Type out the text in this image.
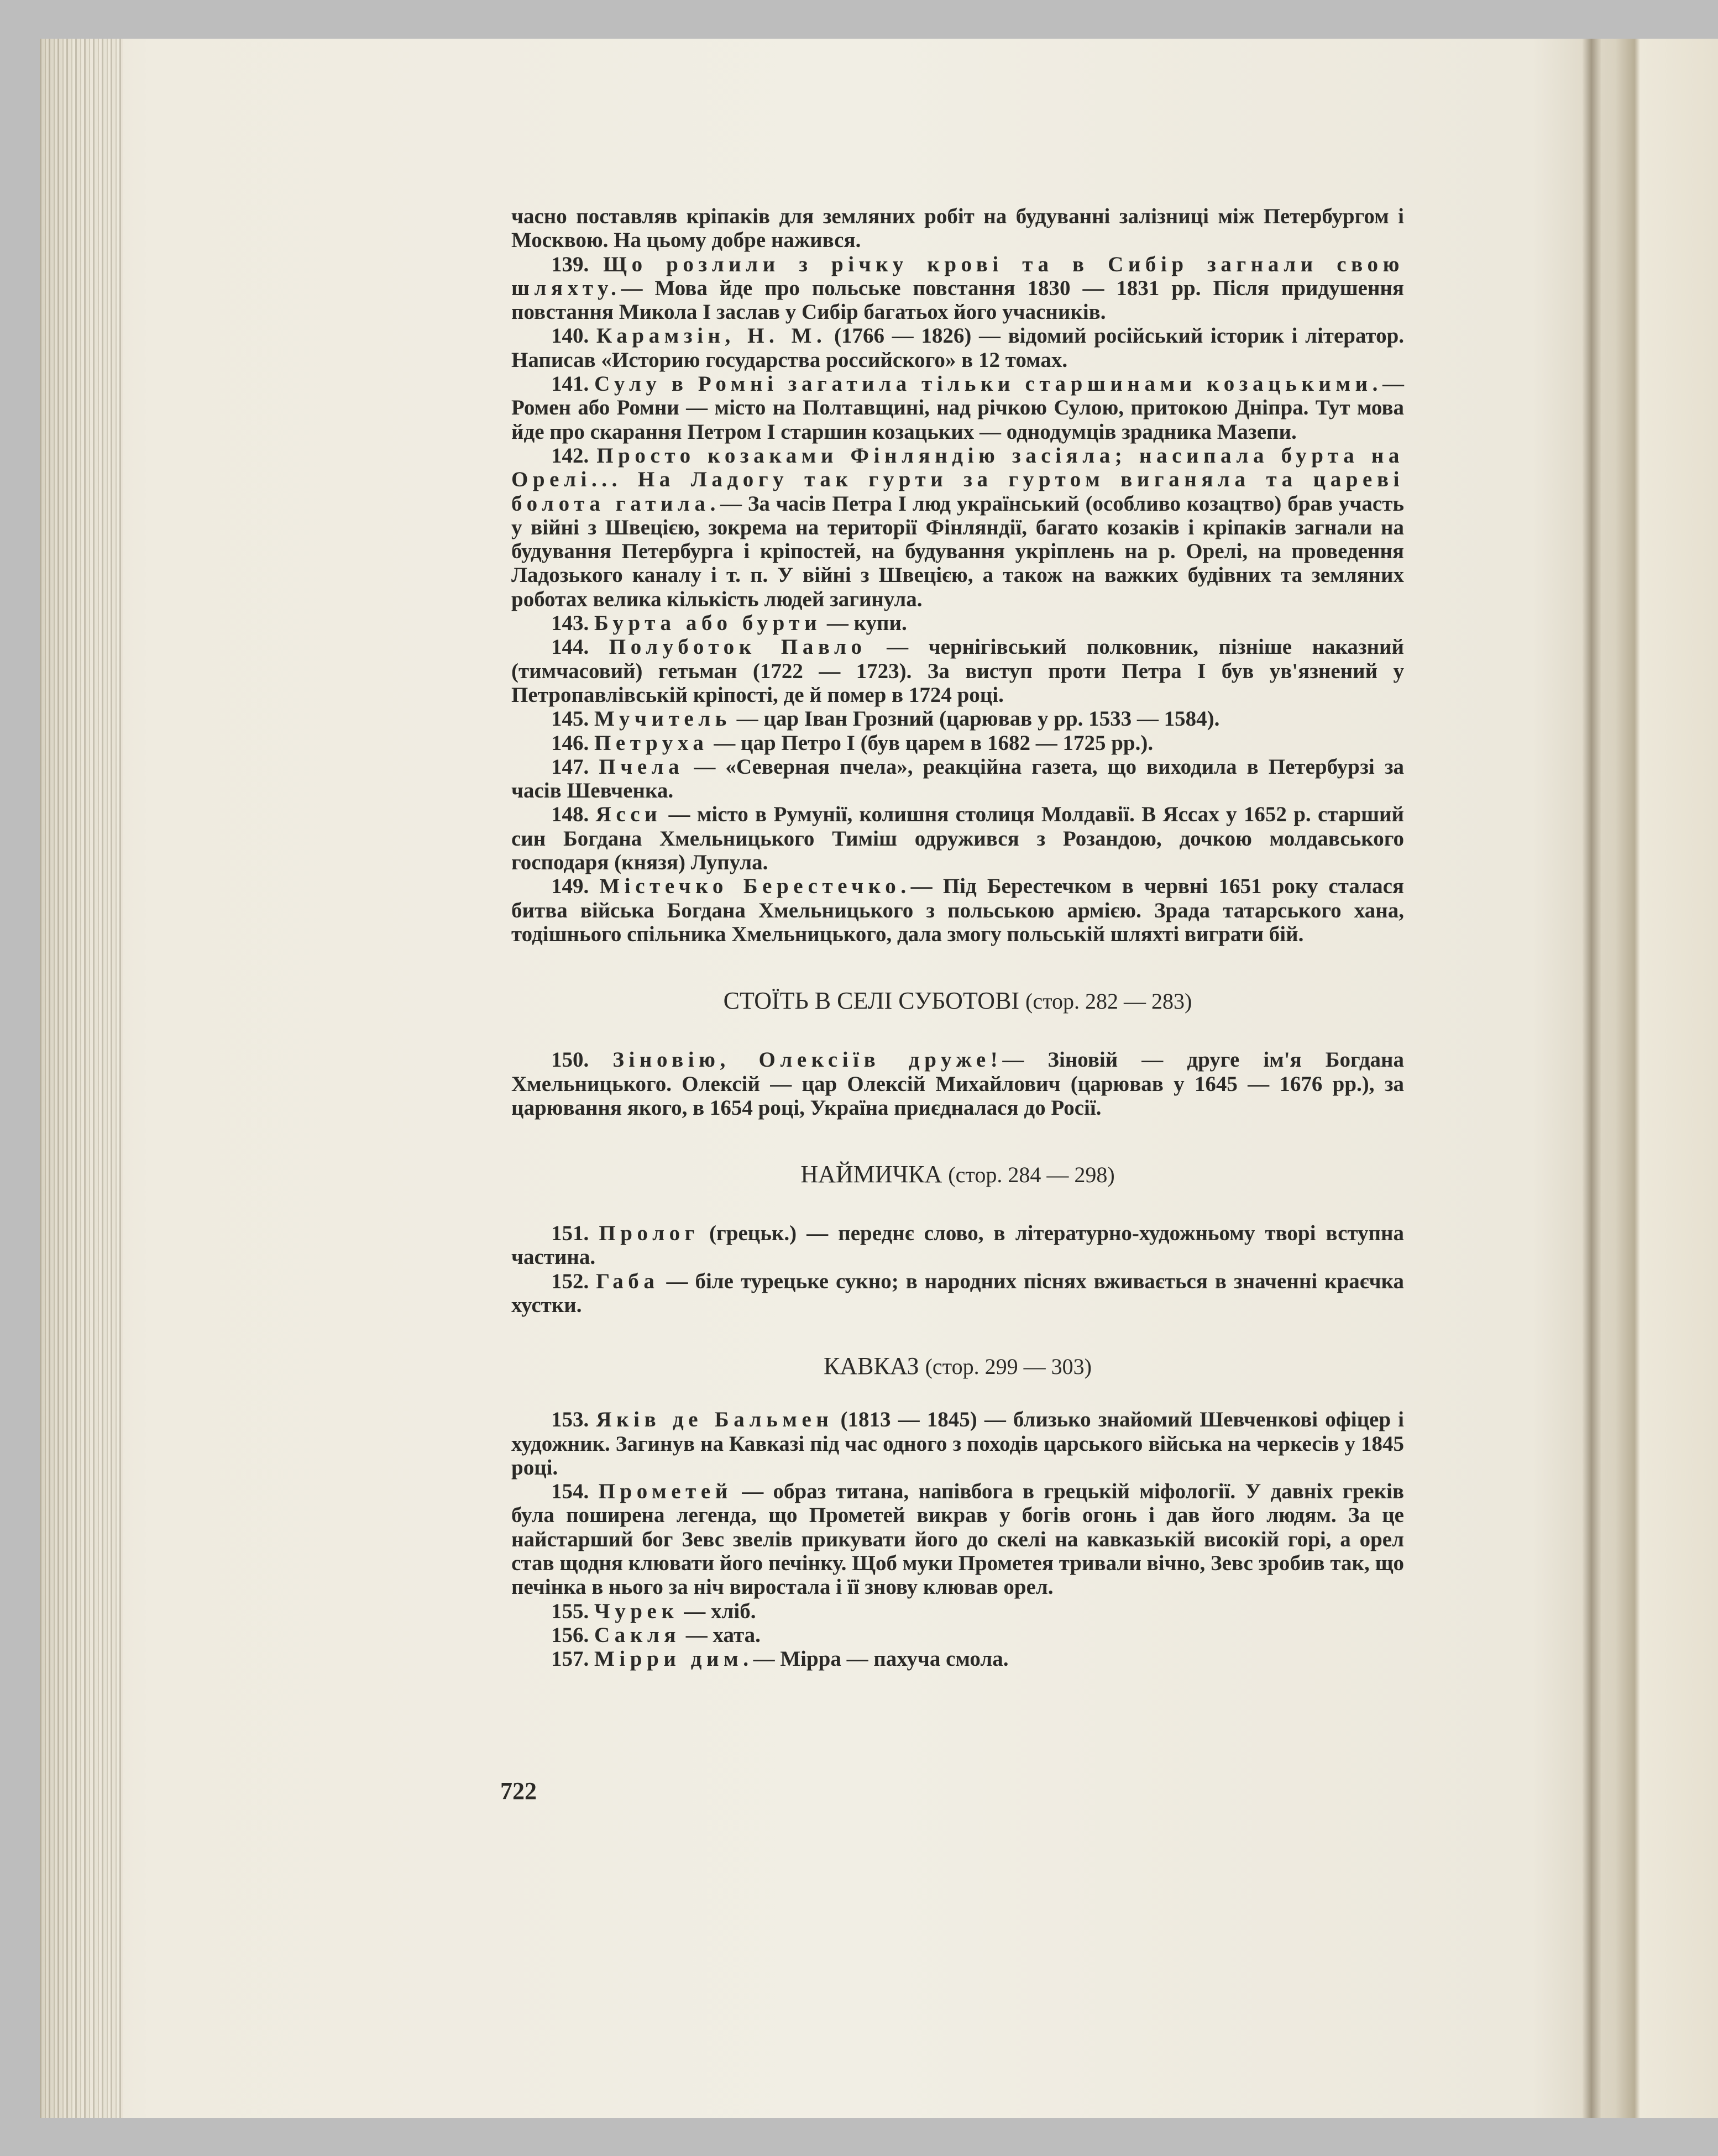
часно поставляв кріпаків для земляних робіт на будуванні залізниці між Петербургом і Москвою. На цьому добре нажився.

139. Що розлили з річку крові та в Сибір загнали свою шляхту.— Мова йде про польське повстання 1830 — 1831 рр. Після придушення повстання Микола I заслав у Сибір багатьох його учасників.

140. Карамзін, Н. М. (1766 — 1826) — відомий російський історик і літератор. Написав «Историю государства российского» в 12 томах.

141. Сулу в Ромні загатила тільки старшинами козацькими.— Ромен або Ромни — місто на Полтавщині, над річкою Сулою, притокою Дніпра. Тут мова йде про скарання Петром I старшин козацьких — однодумців зрадника Мазепи.

142. Просто козаками Фінляндію засіяла; насипала бурта на Орелі... На Ладогу так гурти за гуртом виганяла та цареві болота гатила.— За часів Петра I люд український (особливо козацтво) брав участь у війні з Швецією, зокрема на території Фінляндії, багато козаків і кріпаків загнали на будування Петербурга і кріпостей, на будування укріплень на р. Орелі, на проведення Ладозького каналу і т. п. У війні з Швецією, а також на важких будівних та земляних роботах велика кількість людей загинула.

143. Бурта або бурти — купи.

144. Полуботок Павло — чернігівський полковник, пізніше наказний (тимчасовий) гетьман (1722 — 1723). За виступ проти Петра I був ув'язнений у Петропавлівській кріпості, де й помер в 1724 році.

145. Мучитель — цар Іван Грозний (царював у рр. 1533 — 1584).

146. Петруха — цар Петро I (був царем в 1682 — 1725 рр.).

147. Пчела — «Северная пчела», реакційна газета, що виходила в Петербурзі за часів Шевченка.

148. Ясси — місто в Румунії, колишня столиця Молдавії. В Яссах у 1652 р. старший син Богдана Хмельницького Тиміш одружився з Розандою, дочкою молдавського господаря (князя) Лупула.

149. Містечко Берестечко.— Під Берестечком в червні 1651 року сталася битва війська Богдана Хмельницького з польською армією. Зрада татарського хана, тодішнього спільника Хмельницького, дала змогу польській шляхті виграти бій.

СТОЇТЬ В СЕЛІ СУБОТОВІ (стор. 282 — 283)

150. Зіновію, Олексіїв друже!— Зіновій — друге ім'я Богдана Хмельницького. Олексій — цар Олексій Михайлович (царював у 1645 — 1676 рр.), за царювання якого, в 1654 році, Україна приєдналася до Росії.

НАЙМИЧКА (стор. 284 — 298)

151. Пролог (грецьк.) — переднє слово, в літературно-художньому творі вступна частина.

152. Габа — біле турецьке сукно; в народних піснях вживається в значенні краєчка хустки.

КАВКАЗ (стор. 299 — 303)

153. Яків де Бальмен (1813 — 1845) — близько знайомий Шевченкові офіцер і художник. Загинув на Кавказі під час одного з походів царського війська на черкесів у 1845 році.

154. Прометей — образ титана, напівбога в грецькій міфології. У давніх греків була поширена легенда, що Прометей викрав у богів огонь і дав його людям. За це найстарший бог Зевс звелів прикувати його до скелі на кавказькій високій горі, а орел став щодня клювати його печінку. Щоб муки Прометея тривали вічно, Зевс зробив так, що печінка в нього за ніч виростала і її знову клював орел.

155. Чурек — хліб.

156. Сакля — хата.

157. Мірри дим.— Мірра — пахуча смола.

722
